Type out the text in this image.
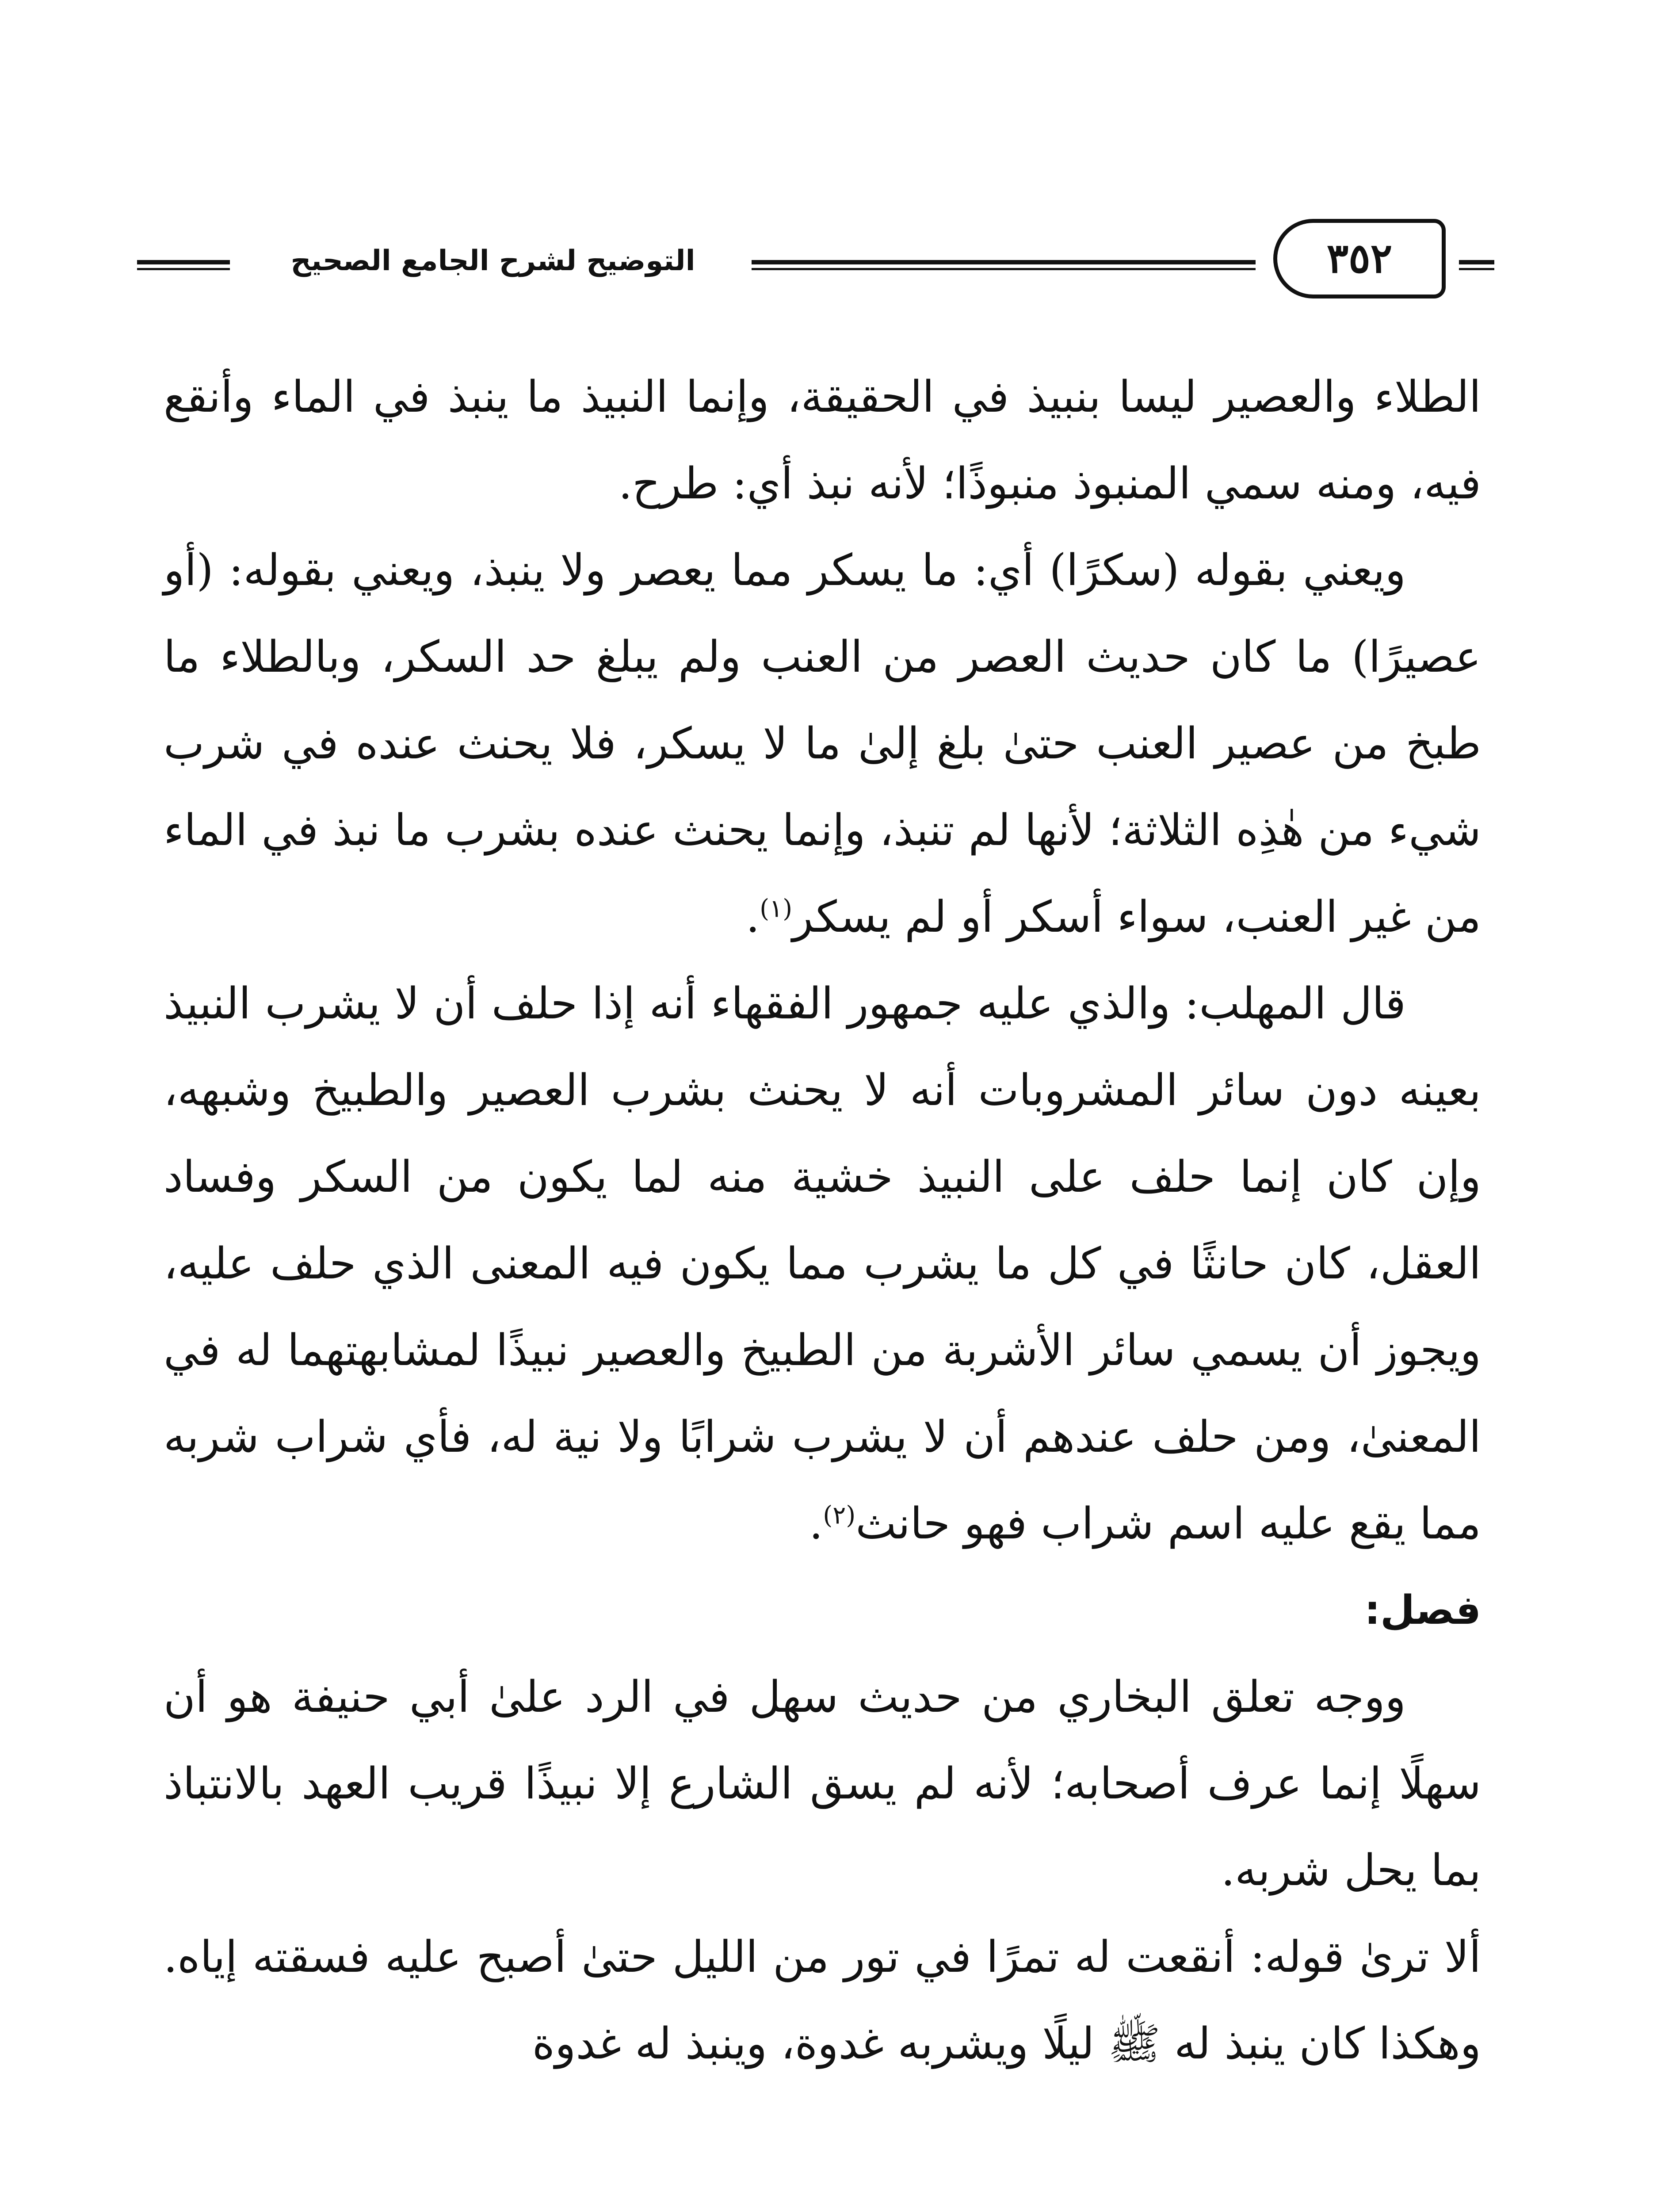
التوضيح لشرح الجامع الصحيح	٣٥٢

الطلاء والعصير ليسا بنبيذ في الحقيقة، وإنما النبيذ ما ينبذ في الماء وأنقع فيه، ومنه سمي المنبوذ منبوذًا؛ لأنه نبذ أي: طرح.

ويعني بقوله (سكرًا) أي: ما يسكر مما يعصر ولا ينبذ، ويعني بقوله: (أو عصيرًا) ما كان حديث العصر من العنب ولم يبلغ حد السكر، وبالطلاء ما طبخ من عصير العنب حتىٰ بلغ إلىٰ ما لا يسكر، فلا يحنث عنده في شرب شيء من هٰذِه الثلاثة؛ لأنها لم تنبذ، وإنما يحنث عنده بشرب ما نبذ في الماء من غير العنب، سواء أسكر أو لم يسكر$^{(١)}$.

قال المهلب: والذي عليه جمهور الفقهاء أنه إذا حلف أن لا يشرب النبيذ بعينه دون سائر المشروبات أنه لا يحنث بشرب العصير والطبيخ وشبهه، وإن كان إنما حلف على النبيذ خشية منه لما يكون من السكر وفساد العقل، كان حانثًا في كل ما يشرب مما يكون فيه المعنى الذي حلف عليه، ويجوز أن يسمي سائر الأشربة من الطبيخ والعصير نبيذًا لمشابهتهما له في المعنىٰ، ومن حلف عندهم أن لا يشرب شرابًا ولا نية له، فأي شراب شربه مما يقع عليه اسم شراب فهو حانث$^{(٢)}$.

فصل:

ووجه تعلق البخاري من حديث سهل في الرد علىٰ أبي حنيفة هو أن سهلًا إنما عرف أصحابه؛ لأنه لم يسق الشارع إلا نبيذًا قريب العهد بالانتباذ بما يحل شربه.

ألا ترىٰ قوله: أنقعت له تمرًا في تور من الليل حتىٰ أصبح عليه فسقته إياه. وهكذا كان ينبذ له ﷺ ليلًا ويشربه غدوة، وينبذ له غدوة
